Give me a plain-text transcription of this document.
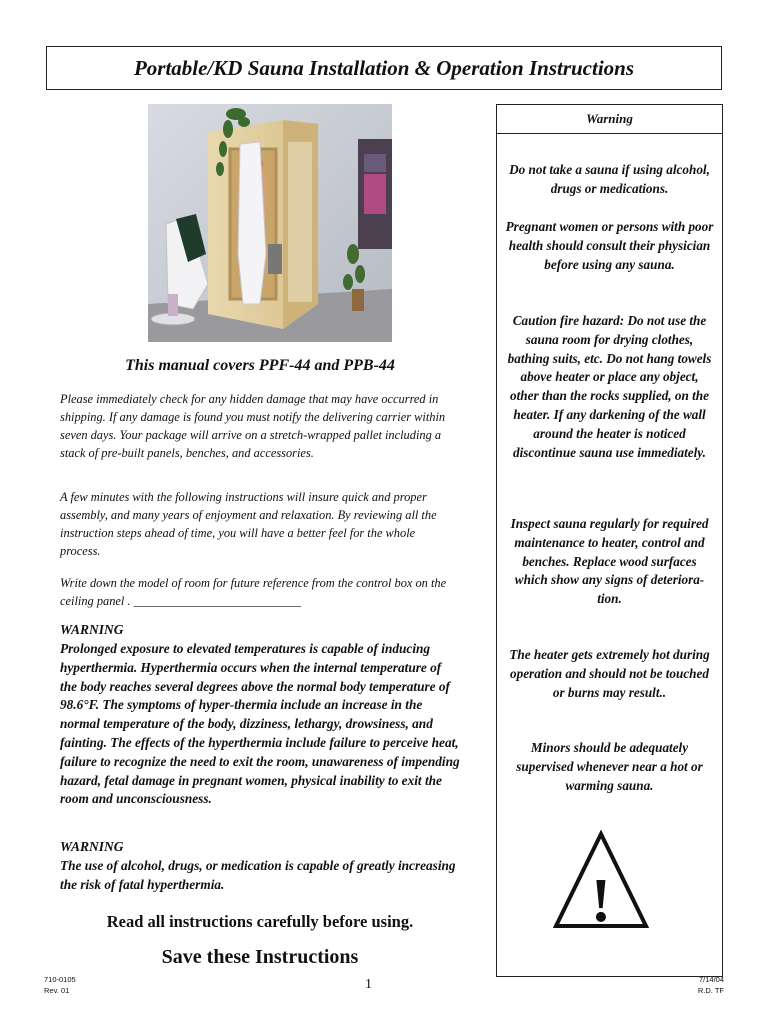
Portable/KD Sauna Installation & Operation Instructions
This manual covers PPF-44 and PPB-44
Please immediately check for any hidden damage that may have occurred in shipping. If any damage is found you must notify the delivering carrier within seven days. Your package will arrive on a stretch-wrapped pallet including a stack of pre-built panels, benches, and accessories.
A few minutes with the following instructions will insure quick and proper assembly, and many years of enjoyment and relaxation. By reviewing all the instruction steps ahead of time, you will have a better feel for the whole process.
Write down the model of room for future reference from the control box on the ceiling panel . ___________________________
WARNING
Prolonged exposure to elevated temperatures is capable of inducing hyperthermia. Hyperthermia occurs when the internal temperature of the body reaches several degrees above the normal body temperature of 98.6°F. The symptoms of hyper-thermia include an increase in the normal temperature of the body, dizziness, lethargy, drowsiness, and fainting. The effects of the hyperthermia include failure to perceive heat, failure to recognize the need to exit the room, unawareness of impending hazard, fetal damage in pregnant women, physical inability to exit the room and unconsciousness.
WARNING
The use of alcohol, drugs, or medication is capable of greatly increasing the risk of fatal hyperthermia.
Read all instructions carefully before using.
Save these Instructions
710-0105
Rev. 01	1	7/14/04
R.D. TF
Warning
Do not take a sauna if using alcohol, drugs or medications.
Pregnant women or persons with poor health should consult their physician before using any sauna.
Caution fire hazard: Do not use the sauna room for drying clothes, bathing suits, etc. Do not hang towels above heater or place any object, other than the rocks supplied, on the heater. If any darkening of the wall around the heater is noticed discontinue sauna use immediately.
Inspect sauna regularly for required maintenance to heater, control and benches. Replace wood surfaces which show any signs of deteriora-tion.
The heater gets extremely hot during operation and should not be touched or burns may result..
Minors should be adequately supervised whenever near a hot or warming sauna.
!
